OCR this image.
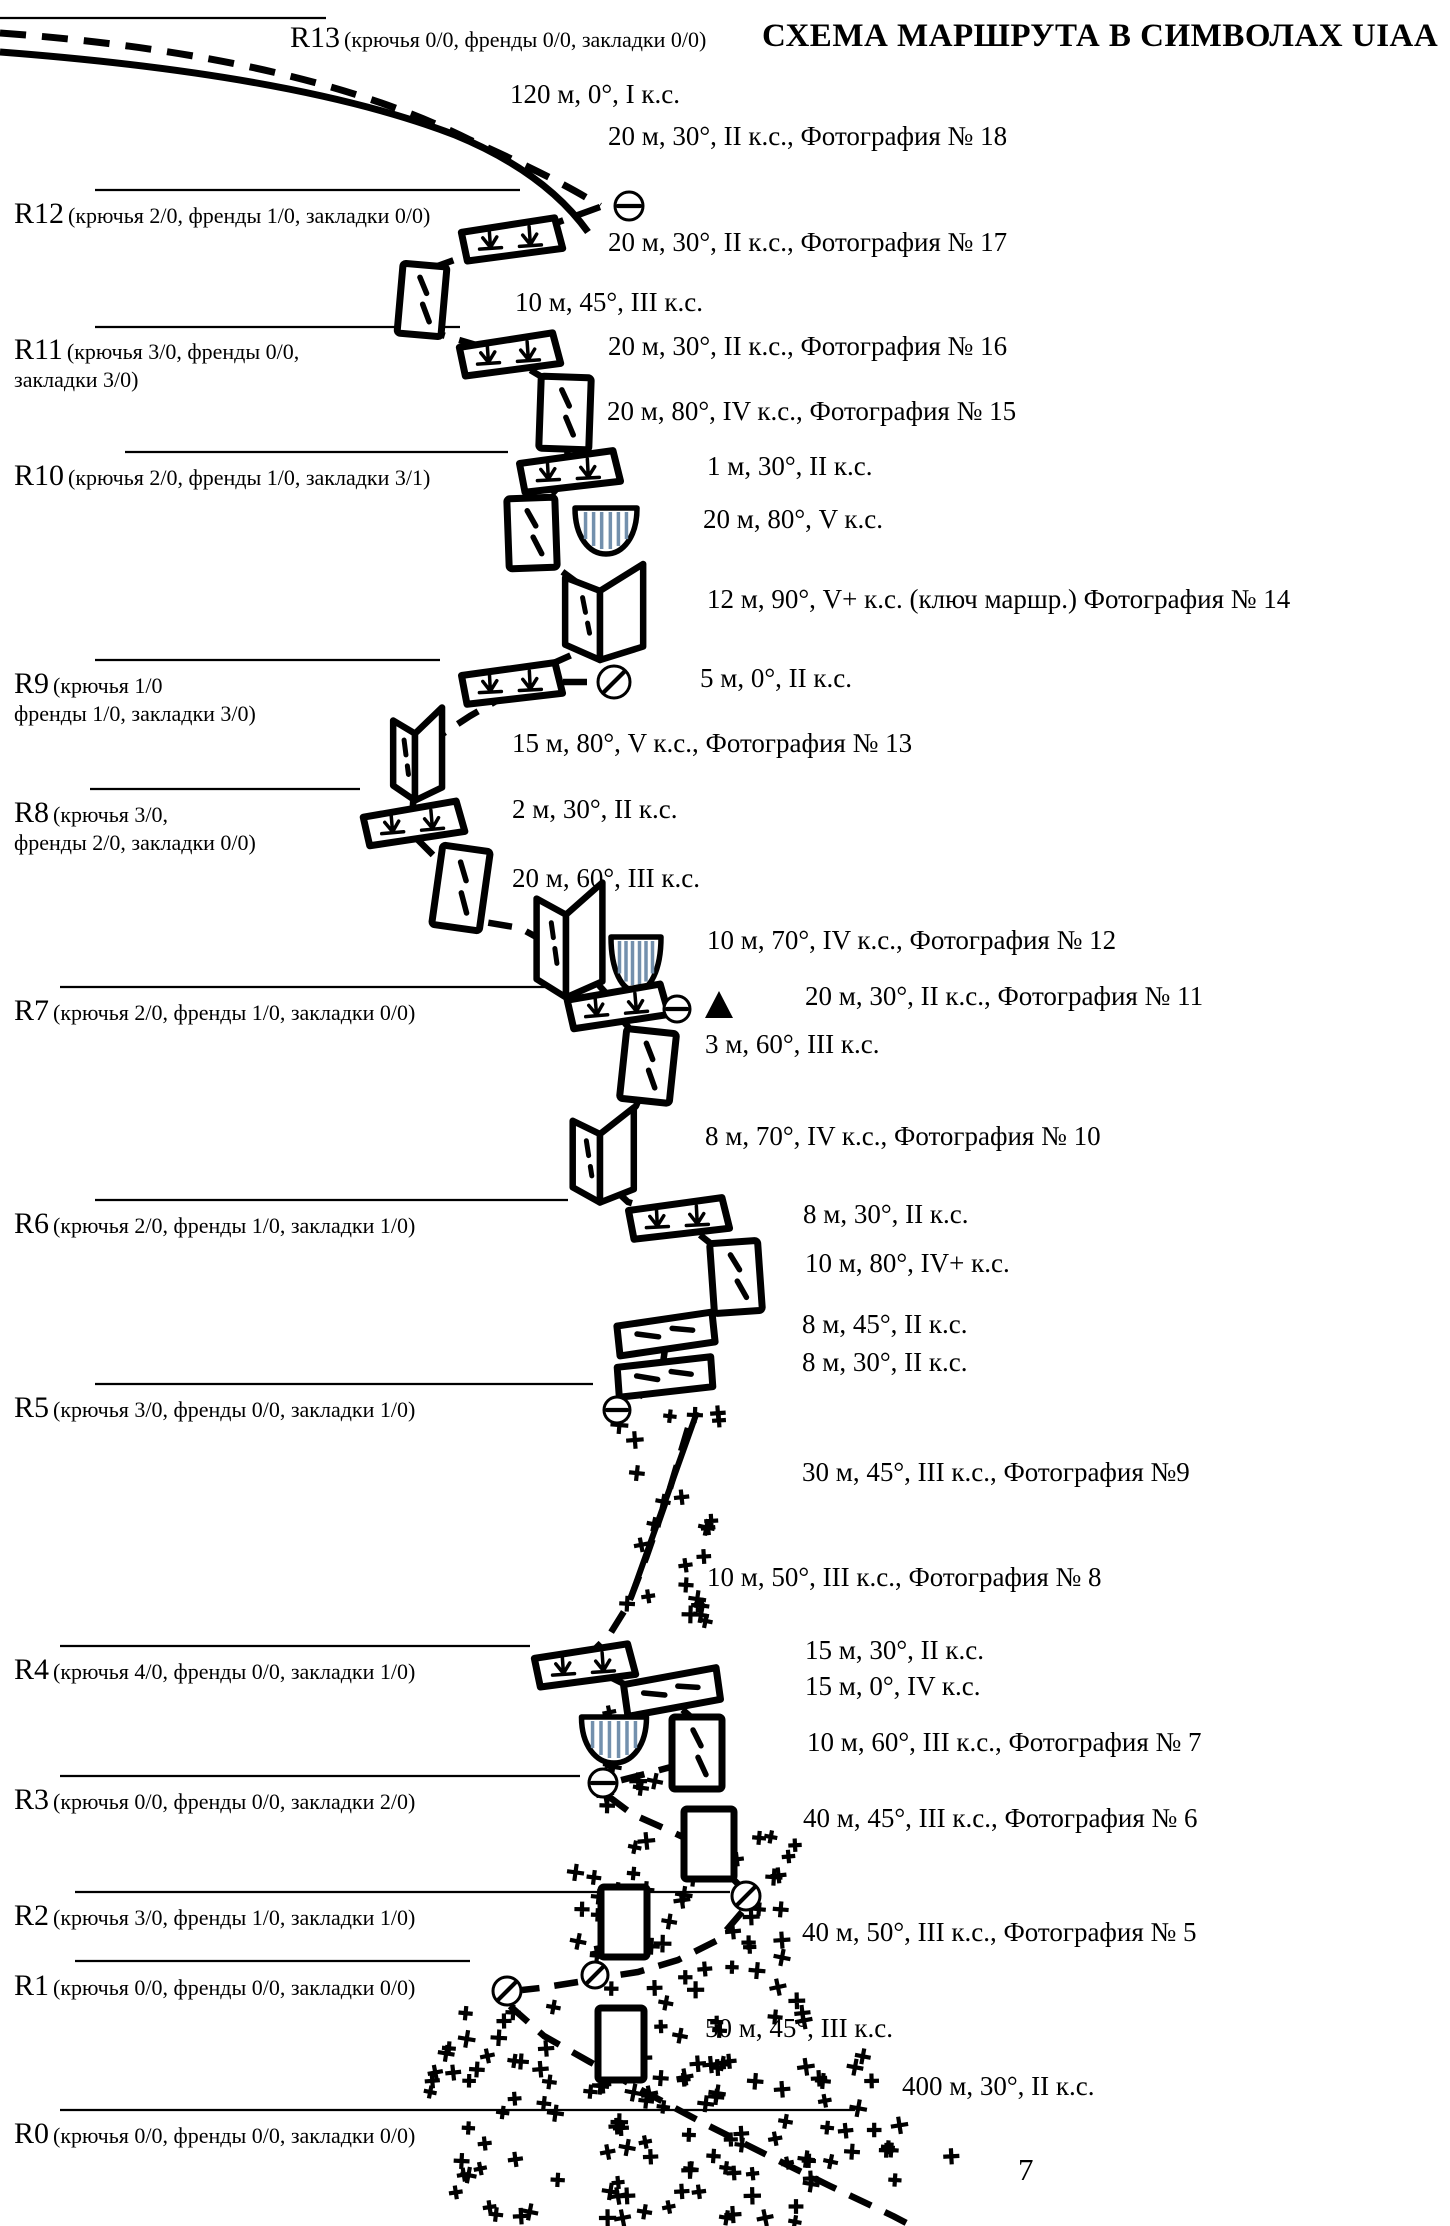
СХЕМА МАРШРУТА В СИМВОЛАХ UIAA
7
R13 (крючья 0/0, френды 0/0, закладки 0/0)
R12 (крючья 2/0, френды 1/0, закладки 0/0)
R11 (крючья 3/0, френды 0/0,
закладки 3/0)
R10 (крючья 2/0, френды 1/0, закладки 3/1)
R9 (крючья 1/0
френды 1/0, закладки 3/0)
R8 (крючья 3/0,
френды 2/0, закладки 0/0)
R7 (крючья 2/0, френды 1/0, закладки 0/0)
R6 (крючья 2/0, френды 1/0, закладки 1/0)
R5 (крючья 3/0, френды 0/0, закладки 1/0)
R4 (крючья 4/0, френды 0/0, закладки 1/0)
R3 (крючья 0/0, френды 0/0, закладки 2/0)
R2 (крючья 3/0, френды 1/0, закладки 1/0)
R1 (крючья 0/0, френды 0/0, закладки 0/0)
R0 (крючья 0/0, френды 0/0, закладки 0/0)
120 м, 0°, I к.с.
20 м, 30°, II к.с., Фотография № 18
20 м, 30°, II к.с., Фотография № 17
10 м, 45°, III к.с.
20 м, 30°, II к.с., Фотография № 16
20 м, 80°, IV к.с., Фотография № 15
1 м, 30°, II к.с.
20 м, 80°, V к.с.
12 м, 90°, V+ к.с. (ключ маршр.) Фотография № 14
5 м, 0°, II к.с.
15 м, 80°, V к.с., Фотография № 13
2 м, 30°, II к.с.
20 м, 60°, III к.с.
10 м, 70°, IV к.с., Фотография № 12
20 м, 30°, II к.с., Фотография № 11
3 м, 60°, III к.с.
8 м, 70°, IV к.с., Фотография № 10
8 м, 30°, II к.с.
10 м, 80°, IV+ к.с.
8 м, 45°, II к.с.
8 м, 30°, II к.с.
30 м, 45°, III к.с., Фотография №9
10 м, 50°, III к.с., Фотография № 8
15 м, 30°, II к.с.
15 м, 0°, IV к.с.
10 м, 60°, III к.с., Фотография № 7
40 м, 45°, III к.с., Фотография № 6
40 м, 50°, III к.с., Фотография № 5
50 м, 45°, III к.с.
400 м, 30°, II к.с.
